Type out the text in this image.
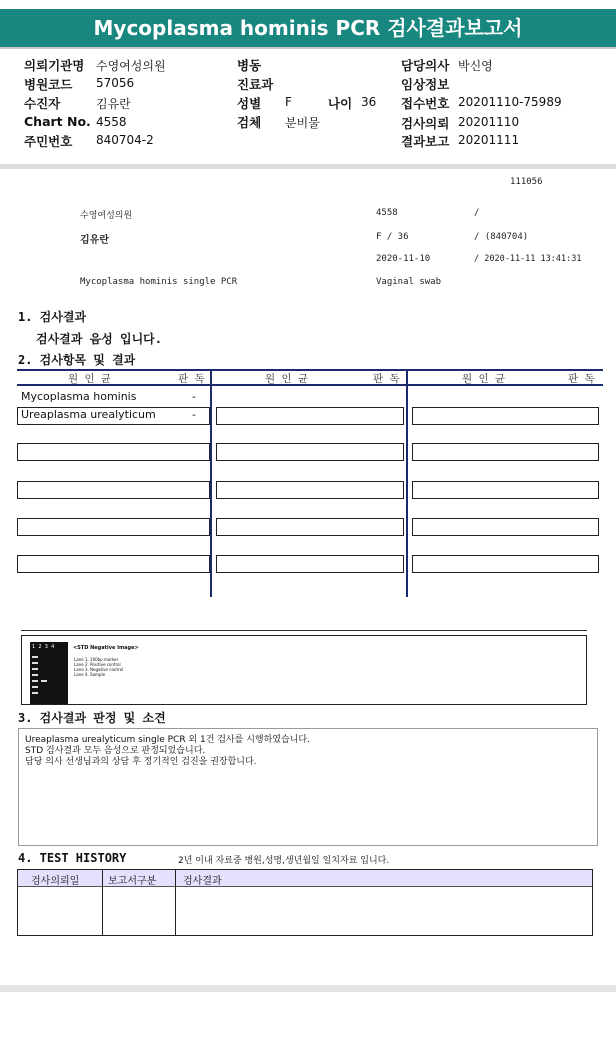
Mycoplasma hominis PCR 검사결과보고서
의뢰기관명 수영여성의원
병원코드 57056
수진자	김유란
Chart No. 4558
주민번호 840704-2
병동
진료과
성별 F	나이 36
검체 분비물
담당의사 박신영
임상정보
접수번호 20201110-75989
검사의뢰 20201110
결과보고 20201111
111056
수영여성의원	4558	/
김유란	F / 36	/ (840704)
2020-11-10	/ 2020-11-11 13:41:31
Mycoplasma hominis single PCR	Vaginal swab
1. 검사결과
검사결과 음성 입니다.
2. 검사항목 및 결과
원 인 균	판 독	원 인 균	판 독	원 인 균	판 독
Mycoplasma hominis	-
Ureaplasma urealyticum	-
1  2  3  4	<STD Negative Image>
Lane 1. 100bp marker
Lane 2. Positive control
Lane 3. Negative control
Lane 4. Sample
3. 검사결과 판정 및 소견
Ureaplasma urealyticum single PCR 외 1건 검사를 시행하였습니다.
STD 검사결과 모두 음성으로 판정되었습니다.
담당 의사 선생님과의 상담 후 정기적인 검진을 권장합니다.
4. TEST HISTORY	2년 이내 자료중 병원,성명,생년월일 일치자료 입니다.
검사의뢰일	보고서구분	검사결과
